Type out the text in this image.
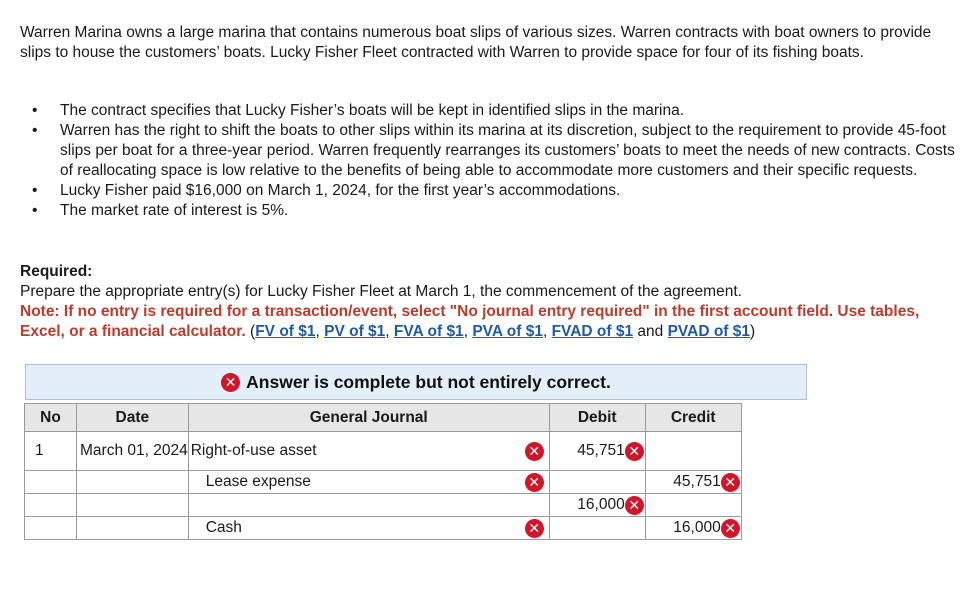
Warren Marina owns a large marina that contains numerous boat slips of various sizes. Warren contracts with boat owners to provide slips to house the customers’ boats. Lucky Fisher Fleet contracted with Warren to provide space for four of its fishing boats.

• The contract specifies that Lucky Fisher’s boats will be kept in identified slips in the marina.
• Warren has the right to shift the boats to other slips within its marina at its discretion, subject to the requirement to provide 45-foot slips per boat for a three-year period. Warren frequently rearranges its customers’ boats to meet the needs of new contracts. Costs of reallocating space is low relative to the benefits of being able to accommodate more customers and their specific requests.
• Lucky Fisher paid $16,000 on March 1, 2024, for the first year’s accommodations.
• The market rate of interest is 5%.
Required:
Prepare the appropriate entry(s) for Lucky Fisher Fleet at March 1, the commencement of the agreement.
Note: If no entry is required for a transaction/event, select "No journal entry required" in the first account field. Use tables, Excel, or a financial calculator. (FV of $1, PV of $1, FVA of $1, PVA of $1, FVAD of $1 and PVAD of $1)
✕ Answer is complete but not entirely correct.
No	Date	General Journal	Debit	Credit
1	March 01, 2024	Right-of-use asset ✕	45,751 ✕	

		Lease expense ✕		45,751 ✕

			16,000 ✕	

		Cash ✕		16,000 ✕
